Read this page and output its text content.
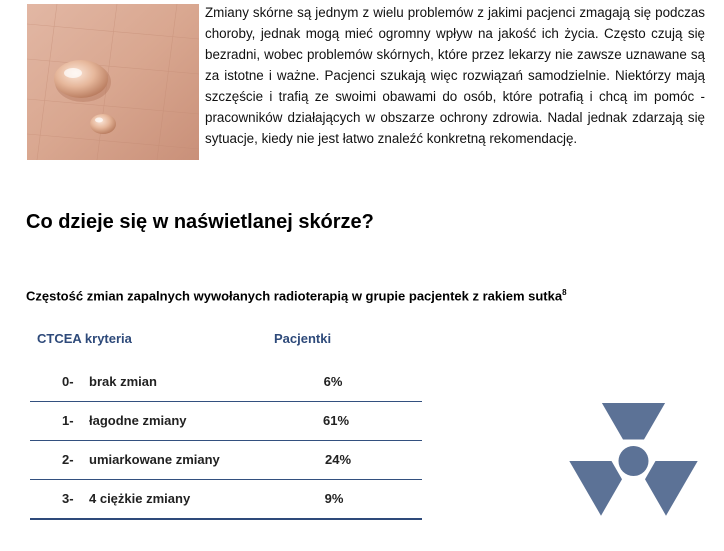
Zmiany skórne są jednym z wielu problemów z jakimi pacjenci zmagają się podczas choroby, jednak mogą mieć ogromny wpływ na jakość ich życia. Często czują się bezradni, wobec problemów skórnych, które przez lekarzy nie zawsze uznawane są za istotne i ważne. Pacjenci szukają więc rozwiązań samodzielnie. Niektórzy mają szczęście i trafią ze swoimi obawami do osób, które potrafią i chcą im pomóc - pracowników działających w obszarze ochrony zdrowia. Nadal jednak zdarzają się sytuacje, kiedy nie jest łatwo znaleźć konkretną rekomendację.
Co dzieje się w naświetlanej skórze?
Częstość zmian zapalnych wywołanych radioterapią w grupie pacjentek z rakiem sutka$^8$
CTCEA kryteria	Pacjentki
0- brak zmian	6%
1- łagodne zmiany	61%
2- umiarkowane zmiany	24%
3- 4 ciężkie zmiany	9%
